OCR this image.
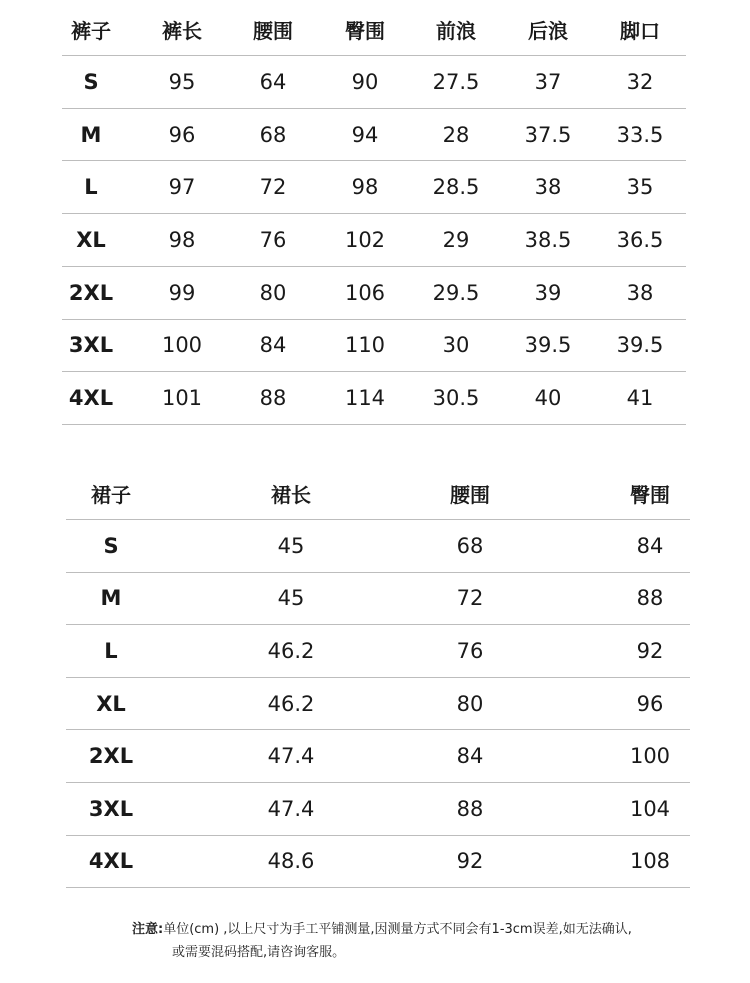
裤子	裤长	腰围	臀围	前浪	后浪	脚口
S	95	64	90	27.5	37	32
M	96	68	94	28	37.5	33.5
L	97	72	98	28.5	38	35
XL	98	76	102	29	38.5	36.5
2XL	99	80	106	29.5	39	38
3XL	100	84	110	30	39.5	39.5
4XL	101	88	114	30.5	40	41
裙子	裙长	腰围	臀围
S	45	68	84
M	45	72	88
L	46.2	76	92
XL	46.2	80	96
2XL	47.4	84	100
3XL	47.4	88	104
4XL	48.6	92	108
注意:单位(cm) ,以上尺寸为手工平铺测量,因测量方式不同会有1-3cm误差,如无法确认,
或需要混码搭配,请咨询客服。
